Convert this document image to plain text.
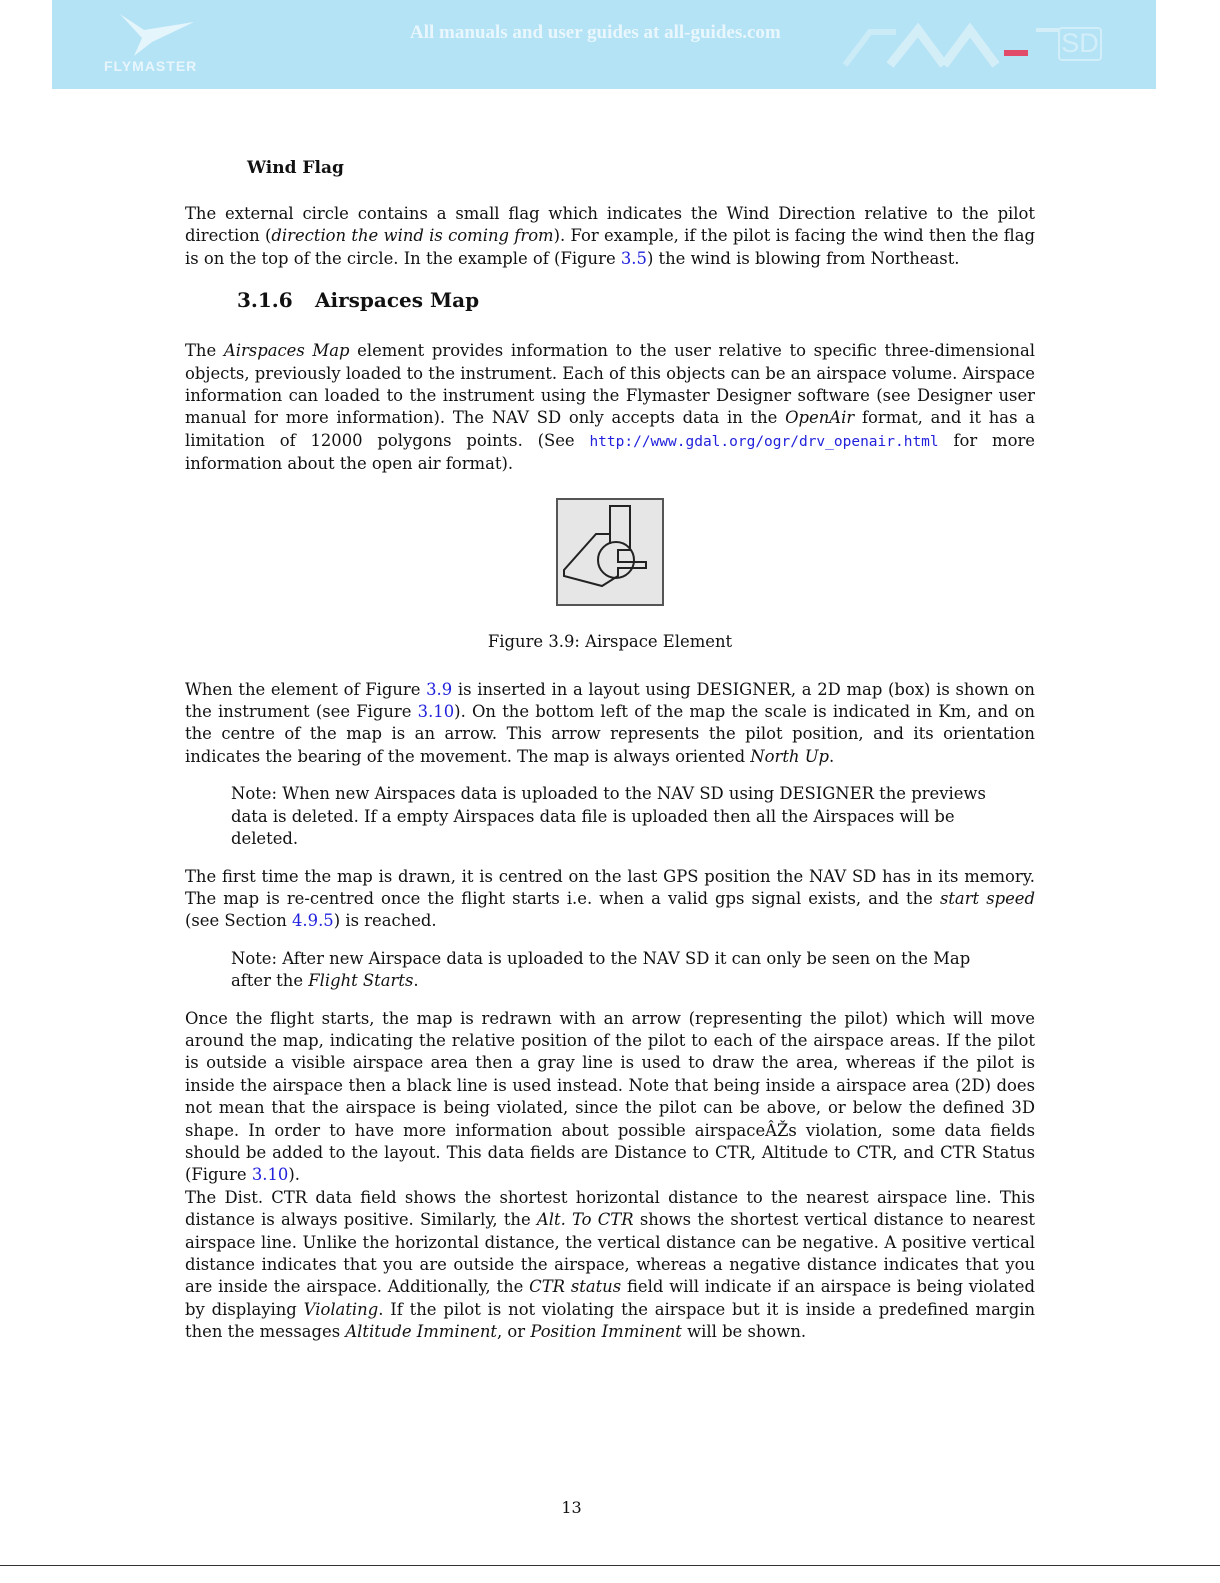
FLYMASTER
All manuals and user guides at all-guides.com	SD
Wind Flag

The external circle contains a small flag which indicates the Wind Direction relative to the pilot direction (direction the wind is coming from). For example, if the pilot is facing the wind then the flag is on the top of the circle. In the example of (Figure 3.5) the wind is blowing from Northeast.

3.1.6 Airspaces Map

The Airspaces Map element provides information to the user relative to specific three-dimensional objects, previously loaded to the instrument. Each of this objects can be an airspace volume. Airspace information can loaded to the instrument using the Flymaster Designer software (see Designer user manual for more information). The NAV SD only accepts data in the OpenAir format, and it has a limitation of 12000 polygons points. (See http://www.gdal.org/ogr/drv_openair.html for more information about the open air format).

Figure 3.9: Airspace Element

When the element of Figure 3.9 is inserted in a layout using DESIGNER, a 2D map (box) is shown on the instrument (see Figure 3.10). On the bottom left of the map the scale is indicated in Km, and on the centre of the map is an arrow. This arrow represents the pilot position, and its orientation indicates the bearing of the movement. The map is always oriented North Up.

Note: When new Airspaces data is uploaded to the NAV SD using DESIGNER the previews data is deleted. If a empty Airspaces data file is uploaded then all the Airspaces will be deleted.

The first time the map is drawn, it is centred on the last GPS position the NAV SD has in its memory. The map is re-centred once the flight starts i.e. when a valid gps signal exists, and the start speed (see Section 4.9.5) is reached.

Note: After new Airspace data is uploaded to the NAV SD it can only be seen on the Map after the Flight Starts.

Once the flight starts, the map is redrawn with an arrow (representing the pilot) which will move around the map, indicating the relative position of the pilot to each of the airspace areas. If the pilot is outside a visible airspace area then a gray line is used to draw the area, whereas if the pilot is inside the airspace then a black line is used instead. Note that being inside a airspace area (2D) does not mean that the airspace is being violated, since the pilot can be above, or below the defined 3D shape. In order to have more information about possible airspaceÂŽs violation, some data fields should be added to the layout. This data fields are Distance to CTR, Altitude to CTR, and CTR Status (Figure 3.10).

The Dist. CTR data field shows the shortest horizontal distance to the nearest airspace line. This distance is always positive. Similarly, the Alt. To CTR shows the shortest vertical distance to nearest airspace line. Unlike the horizontal distance, the vertical distance can be negative. A positive vertical distance indicates that you are outside the airspace, whereas a negative distance indicates that you are inside the airspace. Additionally, the CTR status field will indicate if an airspace is being violated by displaying Violating. If the pilot is not violating the airspace but it is inside a predefined margin then the messages Altitude Imminent, or Position Imminent will be shown.

13
